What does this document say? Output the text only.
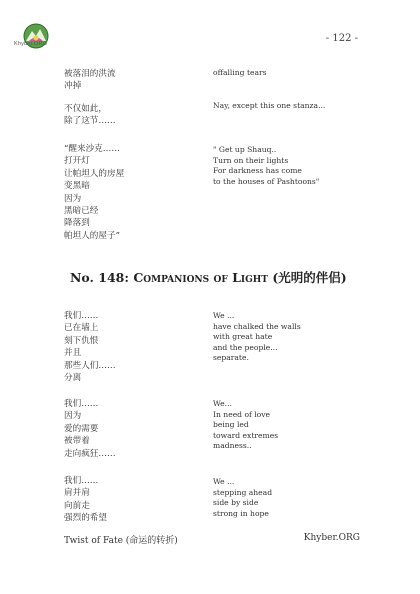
Khyber.ORG	- 122 -
被落泪的洪流
冲掉
不仅如此，
除了这节……
“醒来沙克……
打开灯
让帕坦人的房屋
变黑暗
因为
黑暗已经
降落到
帕坦人的屋子”
offalling tears
Nay, except this one stanza...
" Get up Shauq..
Turn on their lights
For darkness has come
to the houses of Pashtoons"
No. 148: Companions of Light (光明的伴侣)
我们……
已在墙上
刻下仇恨
并且
那些人们……
分离
我们……
因为
爱的需要
被带着
走向疯狂……
我们……
肩并肩
向前走
强烈的希望
We ...
have chalked the walls
with great hate
and the people...
separate.
We...
In need of love
being led
toward extremes
madness..
We ...
stepping ahead
side by side
strong in hope
Twist of Fate (命运的转折)	Khyber.ORG
